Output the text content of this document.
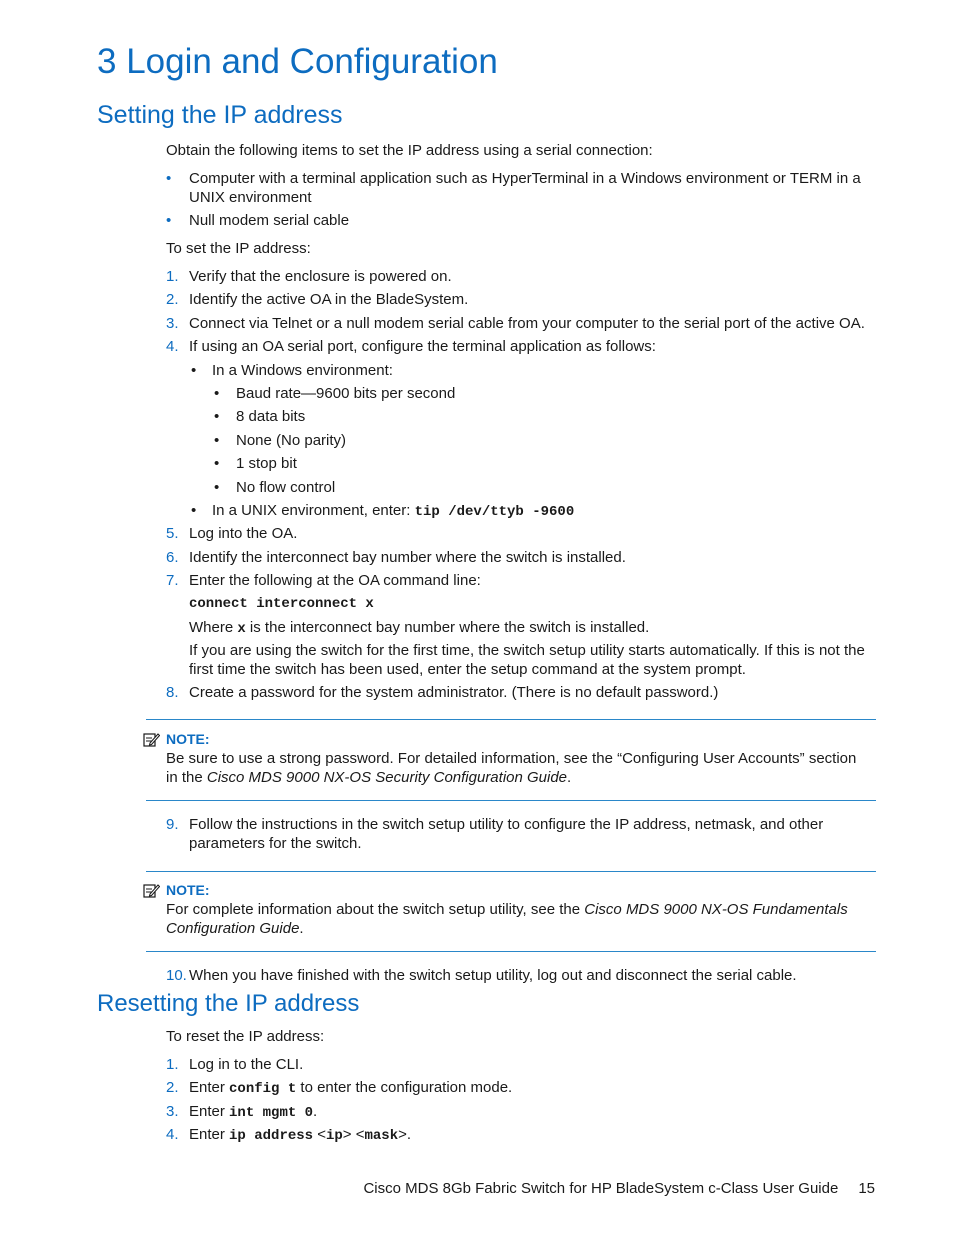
3 Login and Configuration
Setting the IP address
Obtain the following items to set the IP address using a serial connection:
• Computer with a terminal application such as HyperTerminal in a Windows environment or TERM in a UNIX environment
• Null modem serial cable
To set the IP address:
1. Verify that the enclosure is powered on.
2. Identify the active OA in the BladeSystem.
3. Connect via Telnet or a null modem serial cable from your computer to the serial port of the active OA.
4. If using an OA serial port, configure the terminal application as follows:
• In a Windows environment:
• Baud rate—9600 bits per second
• 8 data bits
• None (No parity)
• 1 stop bit
• No flow control
• In a UNIX environment, enter: tip /dev/ttyb -9600
5. Log into the OA.
6. Identify the interconnect bay number where the switch is installed.
7. Enter the following at the OA command line:
connect interconnect x
Where x is the interconnect bay number where the switch is installed.
If you are using the switch for the first time, the switch setup utility starts automatically. If this is not the first time the switch has been used, enter the setup command at the system prompt.
8. Create a password for the system administrator. (There is no default password.)
NOTE:
Be sure to use a strong password. For detailed information, see the “Configuring User Accounts” section in the Cisco MDS 9000 NX-OS Security Configuration Guide.
9. Follow the instructions in the switch setup utility to configure the IP address, netmask, and other parameters for the switch.
NOTE:
For complete information about the switch setup utility, see the Cisco MDS 9000 NX-OS Fundamentals Configuration Guide.
10. When you have finished with the switch setup utility, log out and disconnect the serial cable.
Resetting the IP address
To reset the IP address:
1. Log in to the CLI.
2. Enter config t to enter the configuration mode.
3. Enter int mgmt 0.
4. Enter ip address <ip> <mask>.
Cisco MDS 8Gb Fabric Switch for HP BladeSystem c-Class User Guide 15
